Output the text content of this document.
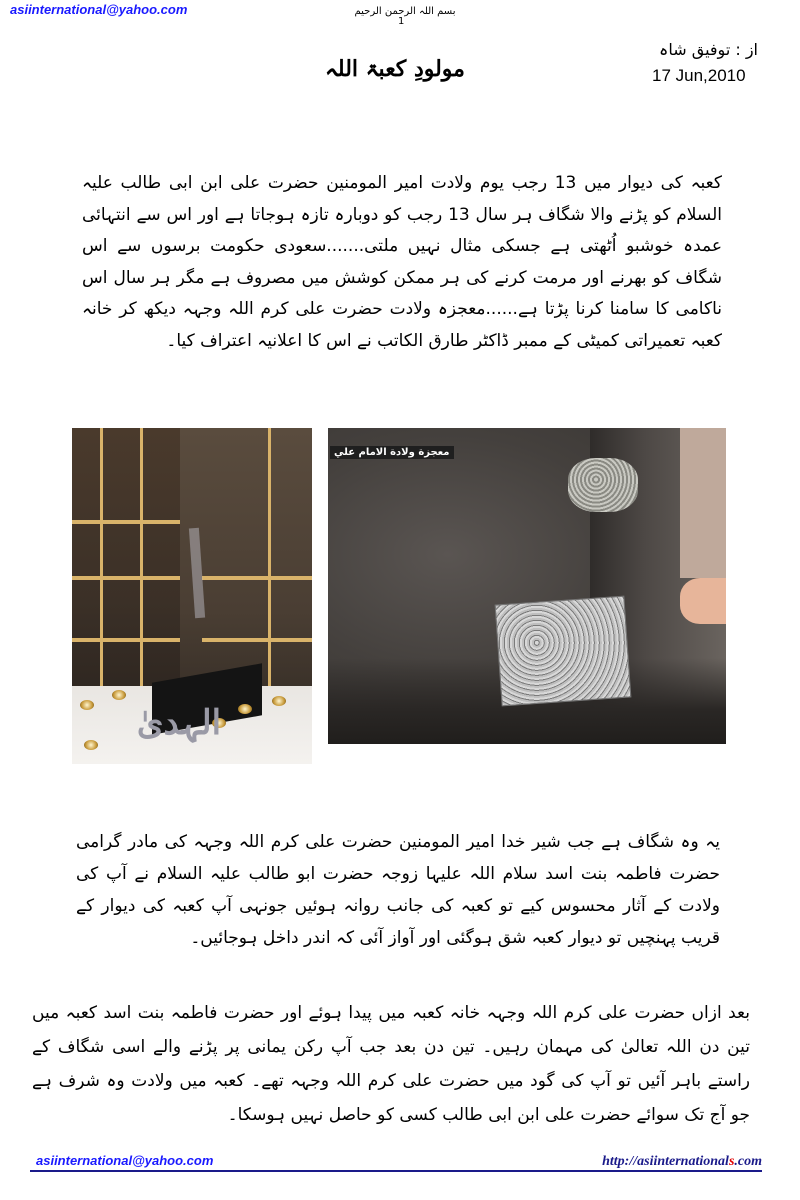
asiinternational@yahoo.com	بسم اللہ الرحمن الرحیم
1
مولودِ کعبۃ اللہ
از : توفیق شاہ
17 Jun,2010
کعبہ کی دیوار میں 13 رجب یوم ولادت امیر المومنین حضرت علی ابن ابی طالب علیہ السلام کو پڑنے والا شگاف ہر سال 13 رجب کو دوبارہ تازہ ہوجاتا ہے اور اس سے انتہائی عمدہ خوشبو اُٹھتی ہے جسکی مثال نہیں ملتی.......سعودی حکومت برسوں سے اس شگاف کو بھرنے اور مرمت کرنے کی ہر ممکن کوشش میں مصروف ہے مگر ہر سال اس ناکامی کا سامنا کرنا پڑتا ہے......معجزہ ولادت حضرت علی کرم اللہ وجہہ دیکھ کر خانہ کعبہ تعمیراتی کمیٹی کے ممبر ڈاکٹر طارق الکاتب نے اس کا اعلانیہ اعتراف کیا۔
الہدیٰ
معجزة ولادة الامام علي
یہ وہ شگاف ہے جب شیر خدا امیر المومنین حضرت علی کرم اللہ وجہہ کی مادر گرامی حضرت فاطمہ بنت اسد سلام اللہ علیہا زوجہ حضرت ابو طالب علیہ السلام نے آپ کی ولادت کے آثار محسوس کیے تو کعبہ کی جانب روانہ ہوئیں جونہی آپ کعبہ کی دیوار کے قریب پہنچیں تو دیوار کعبہ شق ہوگئی اور آواز آئی کہ اندر داخل ہوجائیں۔
بعد ازاں حضرت علی کرم اللہ وجہہ خانہ کعبہ میں پیدا ہوئے اور حضرت فاطمہ بنت اسد کعبہ میں تین دن اللہ تعالیٰ کی مہمان رہیں۔ تین دن بعد جب آپ رکن یمانی پر پڑنے والے اسی شگاف کے راستے باہر آئیں تو آپ کی گود میں حضرت علی کرم اللہ وجہہ تھے۔ کعبہ میں ولادت وہ شرف ہے جو آج تک سوائے حضرت علی ابن ابی طالب کسی کو حاصل نہیں ہوسکا۔
asiinternational@yahoo.com	http://asiinternationals.com
